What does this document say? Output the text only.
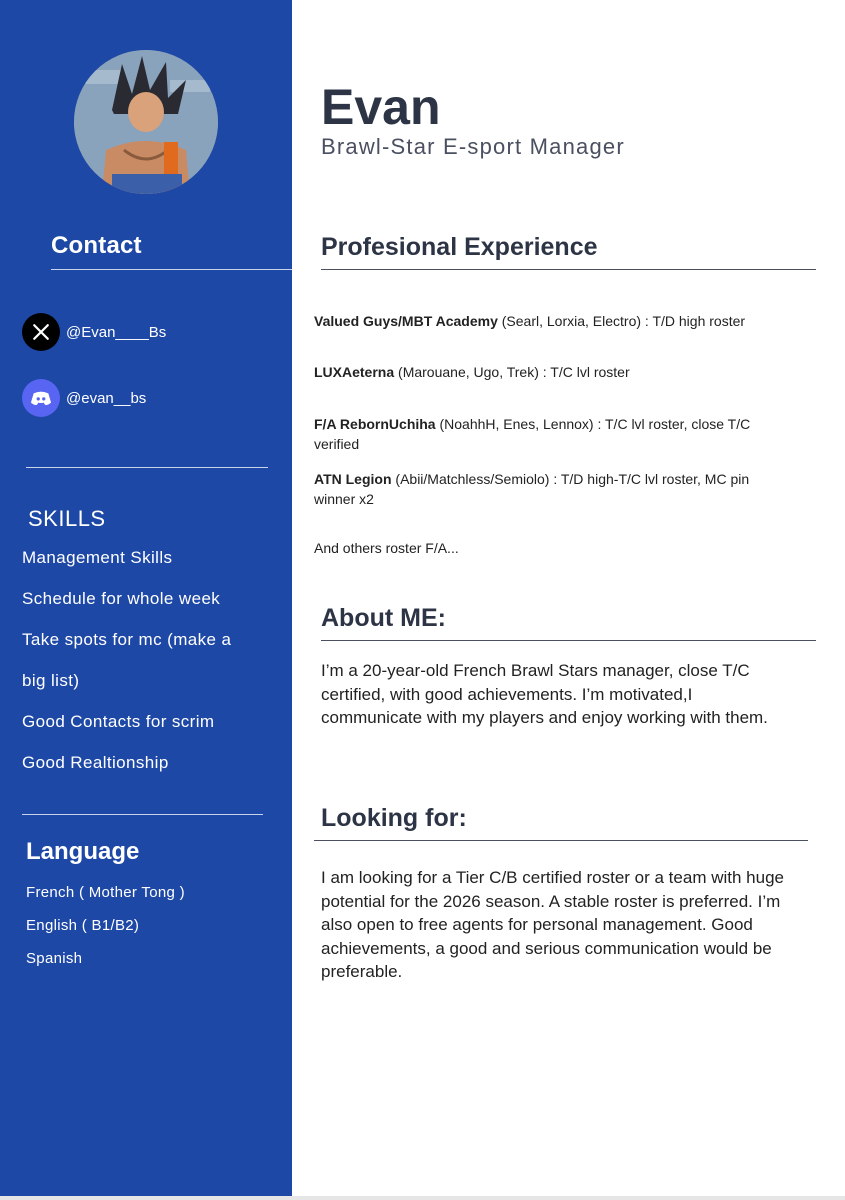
Contact
@Evan____Bs
@evan__bs
SKILLS
Management Skills
Schedule for whole week
Take spots for mc (make a
big list)
Good Contacts for scrim
Good Realtionship
Language
French ( Mother Tong )
English ( B1/B2)
Spanish
Evan
Brawl-Star E-sport Manager
Profesional Experience
Valued Guys/MBT Academy (Searl, Lorxia, Electro) : T/D high roster
LUXAeterna (Marouane, Ugo, Trek) : T/C lvl roster
F/A RebornUchiha (NoahhH, Enes, Lennox) : T/C lvl roster, close T/C verified
ATN Legion (Abii/Matchless/Semiolo) : T/D high-T/C lvl roster, MC pin winner x2
And others roster F/A...
About ME:
I’m a 20-year-old French Brawl Stars manager, close T/C certified, with good achievements. I’m motivated,I communicate with my players and enjoy working with them.
Looking for:
I am looking for a Tier C/B certified roster or a team with huge potential for the 2026 season. A stable roster is preferred. I’m also open to free agents for personal management. Good achievements, a good and serious communication would be preferable.
